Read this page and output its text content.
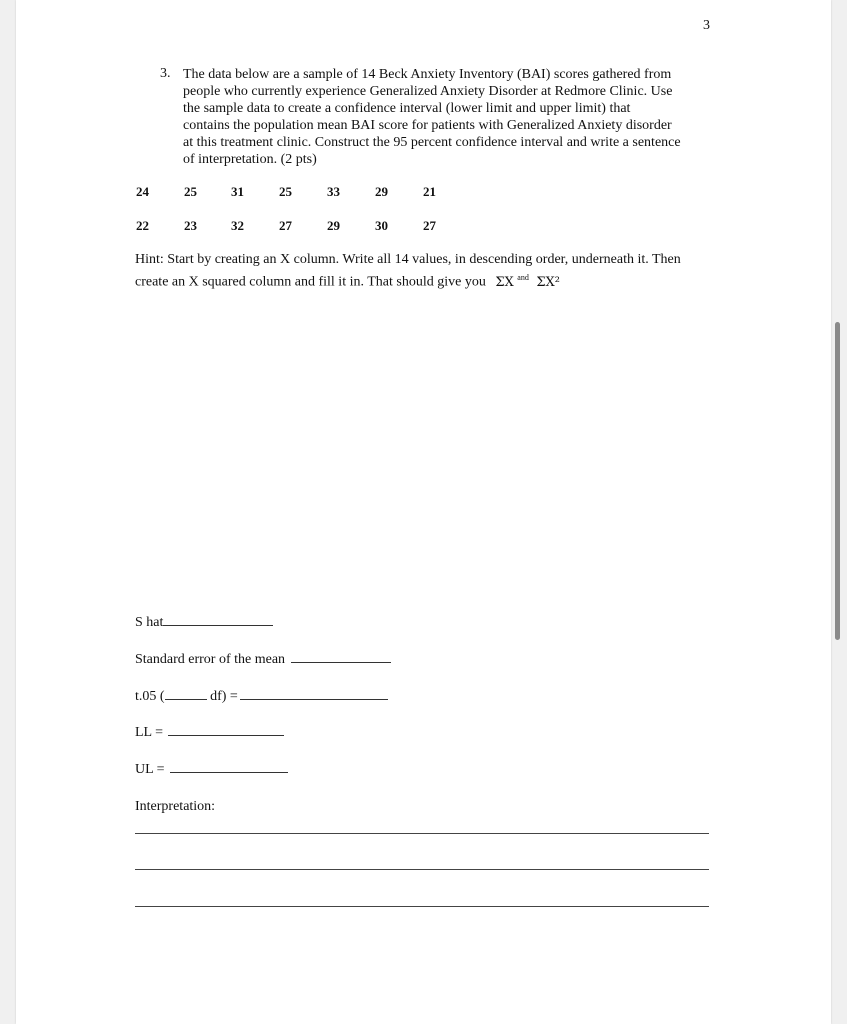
3
3. The data below are a sample of 14 Beck Anxiety Inventory (BAI) scores gathered from
people who currently experience Generalized Anxiety Disorder at Redmore Clinic. Use
the sample data to create a confidence interval (lower limit and upper limit) that
contains the population mean BAI score for patients with Generalized Anxiety disorder
at this treatment clinic. Construct the 95 percent confidence interval and write a sentence
of interpretation. (2 pts)
24	25	31	25	33	29	21
22	23	32	27	29	30	27
Hint: Start by creating an X column. Write all 14 values, in descending order, underneath it. Then
create an X squared column and fill it in. That should give you ΣX $^{and}$ ΣX²
S hat
Standard error of the mean
t.05 (	df) =
LL =
UL =
Interpretation:
